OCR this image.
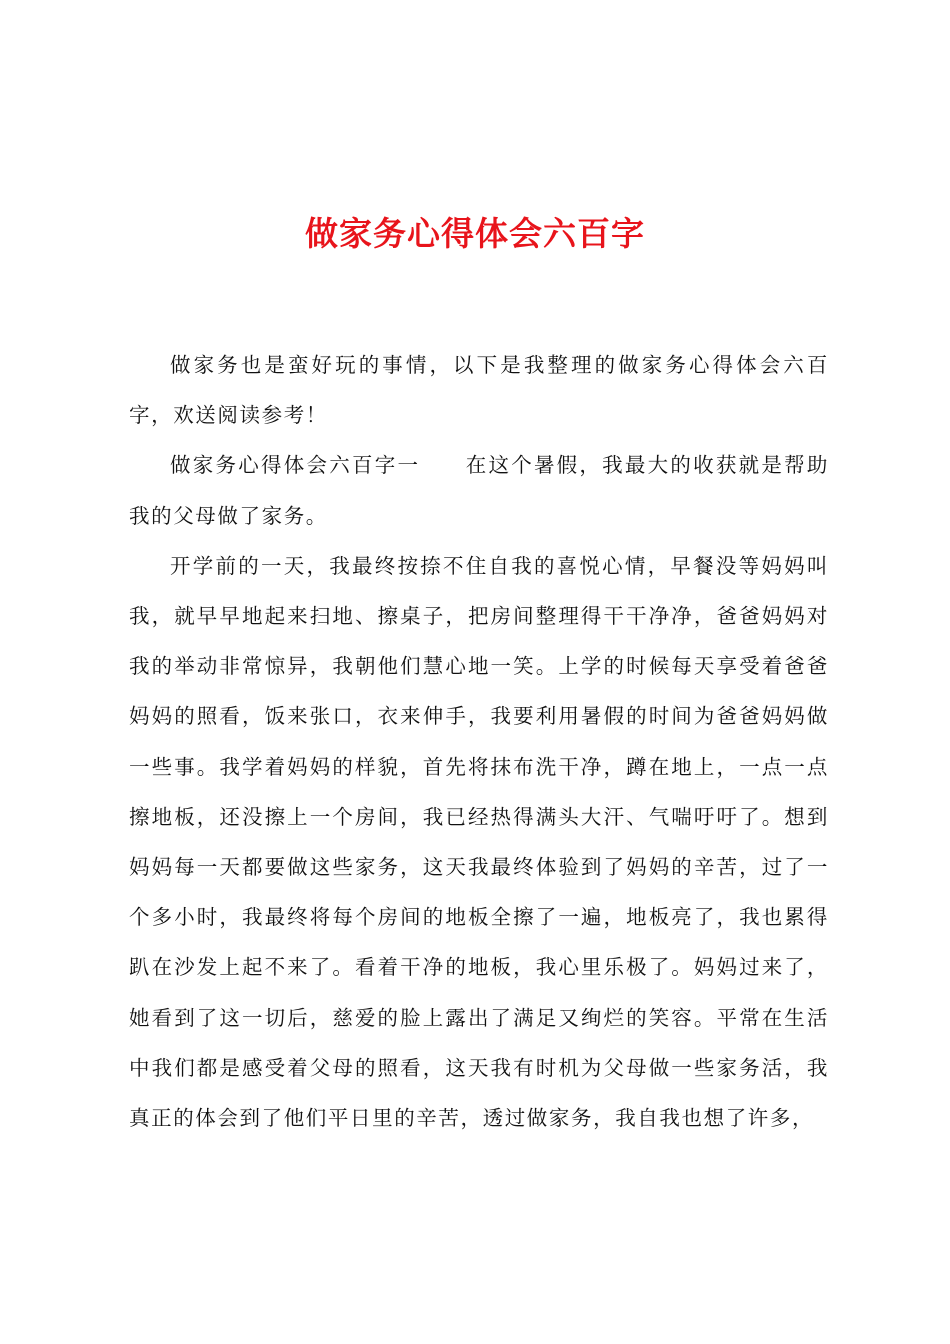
做家务心得体会六百字

做家务也是蛮好玩的事情，以下是我整理的做家务心得体会六百字，欢送阅读参考！

做家务心得体会六百字一　　在这个暑假，我最大的收获就是帮助我的父母做了家务。

开学前的一天，我最终按捺不住自我的喜悦心情，早餐没等妈妈叫我，就早早地起来扫地、擦桌子，把房间整理得干干净净，爸爸妈妈对我的举动非常惊异，我朝他们慧心地一笑。上学的时候每天享受着爸爸妈妈的照看，饭来张口，衣来伸手，我要利用暑假的时间为爸爸妈妈做一些事。我学着妈妈的样貌，首先将抹布洗干净，蹲在地上，一点一点擦地板，还没擦上一个房间，我已经热得满头大汗、气喘吁吁了。想到妈妈每一天都要做这些家务，这天我最终体验到了妈妈的辛苦，过了一个多小时，我最终将每个房间的地板全擦了一遍，地板亮了，我也累得趴在沙发上起不来了。看着干净的地板，我心里乐极了。妈妈过来了，她看到了这一切后，慈爱的脸上露出了满足又绚烂的笑容。平常在生活中我们都是感受着父母的照看，这天我有时机为父母做一些家务活，我真正的体会到了他们平日里的辛苦，透过做家务，我自我也想了许多，
